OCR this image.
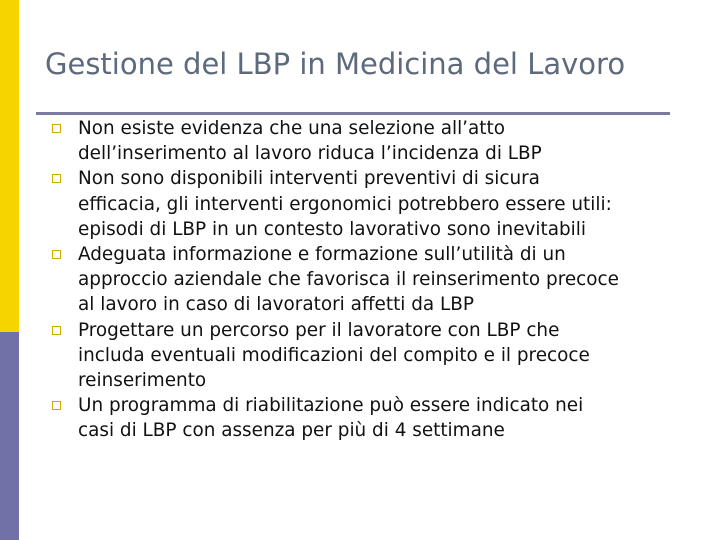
Gestione del LBP in Medicina del Lavoro
Non esiste evidenza che una selezione all’atto
dell’inserimento al lavoro riduca l’incidenza di LBP
Non sono disponibili interventi preventivi di sicura
efficacia, gli interventi ergonomici potrebbero essere utili:
episodi di LBP in un contesto lavorativo sono inevitabili
Adeguata informazione e formazione sull’utilità di un
approccio aziendale che favorisca il reinserimento precoce
al lavoro in caso di lavoratori affetti da LBP
Progettare un percorso per il lavoratore con LBP che
includa eventuali modificazioni del compito e il precoce
reinserimento
Un programma di riabilitazione può essere indicato nei
casi di LBP con assenza per più di 4 settimane
